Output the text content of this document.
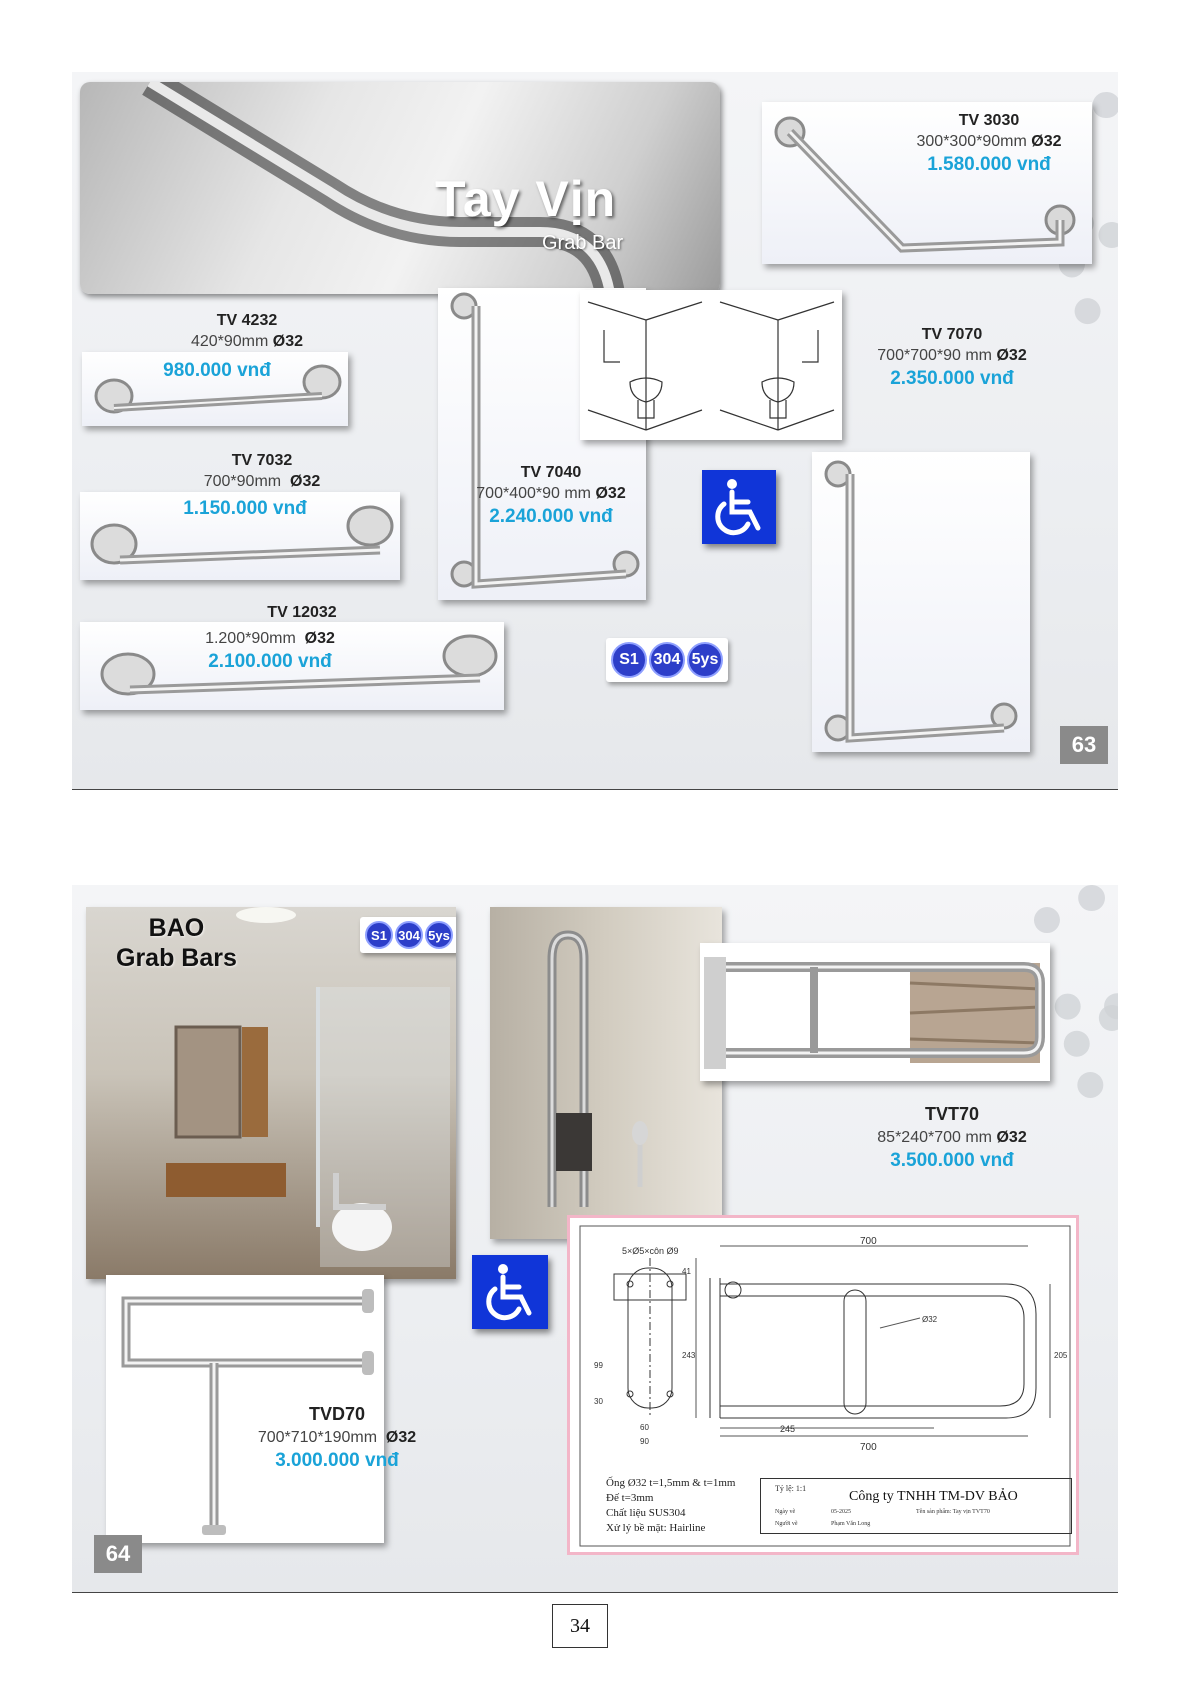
Tay Vịn
Grab Bar
TV 3030
300*300*90mm Ø32
1.580.000 vnđ
TV 4232
420*90mm Ø32
980.000 vnđ
TV 7032
700*90mm Ø32
1.150.000 vnđ
TV 12032
1.200*90mm Ø32
2.100.000 vnđ
TV 7040
700*400*90 mm Ø32
2.240.000 vnđ
TV 7070
700*700*90 mm Ø32
2.350.000 vnđ
S1 304 5ys
63
BAO
Grab Bars
S1 304 5ys
TVD70
700*710*190mm Ø32
3.000.000 vnđ
64
TVT70
85*240*700 mm Ø32
3.500.000 vnđ
5×Ø5×côn Ø9
700
700
245
Ø32
205
243
41
99
30
60
90
Ống Ø32 t=1,5mm & t=1mm
Đế t=3mm
Chất liệu SUS304
Xử lý bề mặt: Hairline
Tỷ lệ: 1:1
Công ty TNHH TM-DV BẢO
Ngày vẽ
Người vẽ
05-2025
Phạm Văn Long
Tên sản phẩm: Tay vịn TVT70
34
